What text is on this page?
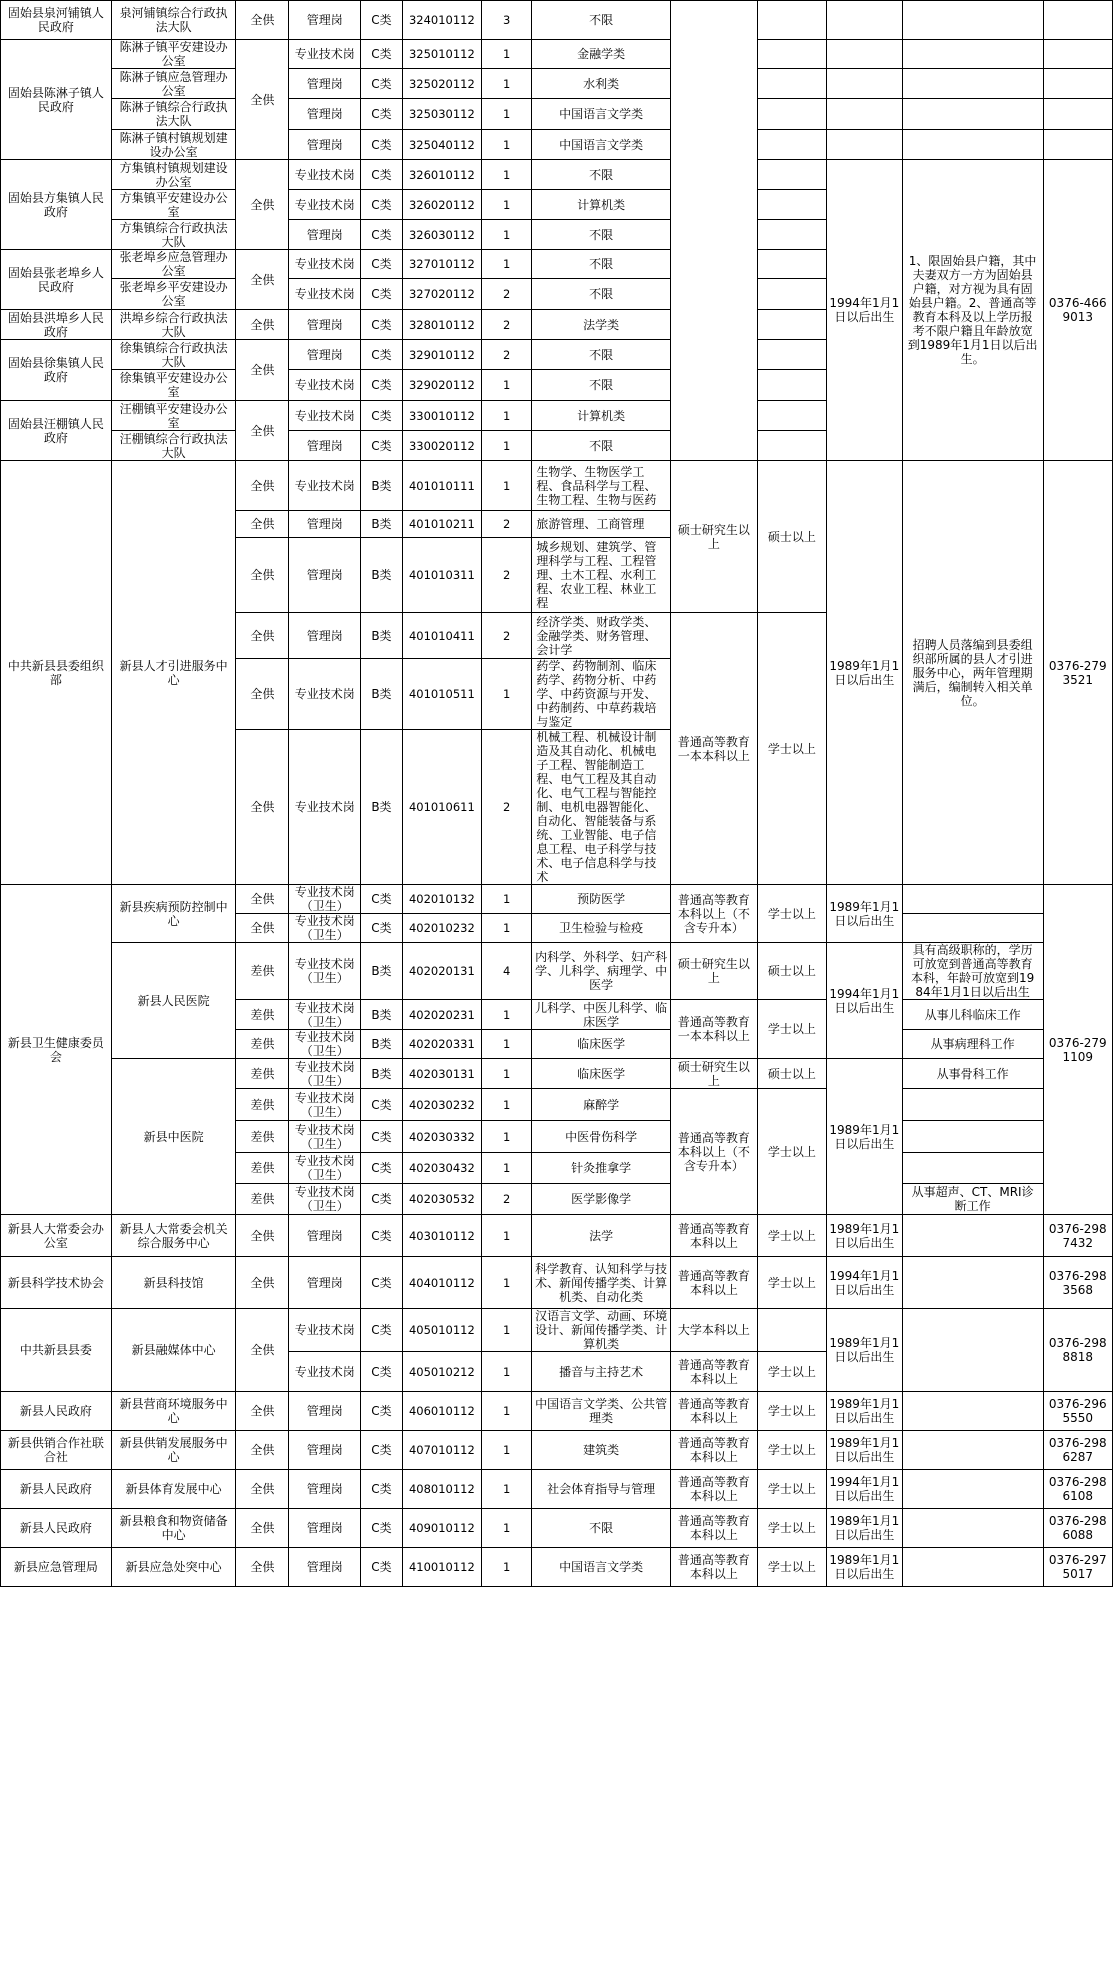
固始县泉河铺镇人民政府	泉河铺镇综合行政执法大队	全供	管理岗	C类	324010112	3	不限					
固始县陈淋子镇人民政府	陈淋子镇平安建设办公室	全供	专业技术岗	C类	325010112	1	金融学类					
	陈淋子镇应急管理办公室		管理岗	C类	325020112	1	水利类					
	陈淋子镇综合行政执法大队		管理岗	C类	325030112	1	中国语言文学类					
	陈淋子镇村镇规划建设办公室		管理岗	C类	325040112	1	中国语言文学类					
固始县方集镇人民政府	方集镇村镇规划建设办公室	全供	专业技术岗	C类	326010112	1	不限			1994年1月1日以后出生	1、限固始县户籍，其中夫妻双方一方为固始县户籍，对方视为具有固始县户籍。2、普通高等教育本科及以上学历报考不限户籍且年龄放宽到1989年1月1日以后出生。	0376-4669013
	方集镇平安建设办公室		专业技术岗	C类	326020112	1	计算机类					
	方集镇综合行政执法大队		管理岗	C类	326030112	1	不限					
固始县张老埠乡人民政府	张老埠乡应急管理办公室	全供	专业技术岗	C类	327010112	1	不限					
	张老埠乡平安建设办公室		专业技术岗	C类	327020112	2	不限					
固始县洪埠乡人民政府	洪埠乡综合行政执法大队	全供	管理岗	C类	328010112	2	法学类					
固始县徐集镇人民政府	徐集镇综合行政执法大队	全供	管理岗	C类	329010112	2	不限					
	徐集镇平安建设办公室		专业技术岗	C类	329020112	1	不限					
固始县汪棚镇人民政府	汪棚镇平安建设办公室	全供	专业技术岗	C类	330010112	1	计算机类					
	汪棚镇综合行政执法大队		管理岗	C类	330020112	1	不限					
中共新县县委组织部	新县人才引进服务中心	全供	专业技术岗	B类	401010111	1	生物学、生物医学工程、食品科学与工程、生物工程、生物与医药	硕士研究生以上	硕士以上	1989年1月1日以后出生	招聘人员落编到县委组织部所属的县人才引进服务中心，两年管理期满后，编制转入相关单位。	0376-2793521
		全供	管理岗	B类	401010211	2	旅游管理、工商管理					
		全供	管理岗	B类	401010311	2	城乡规划、建筑学、管理科学与工程、工程管理、土木工程、水利工程、农业工程、林业工程					
		全供	管理岗	B类	401010411	2	经济学类、财政学类、金融学类、财务管理、会计学	普通高等教育一本本科以上	学士以上			
		全供	专业技术岗	B类	401010511	1	药学、药物制剂、临床药学、药物分析、中药学、中药资源与开发、中药制药、中草药栽培与鉴定					
		全供	专业技术岗	B类	401010611	2	机械工程、机械设计制造及其自动化、机械电子工程、智能制造工程、电气工程及其自动化、电气工程与智能控制、电机电器智能化、自动化、智能装备与系统、工业智能、电子信息工程、电子科学与技术、电子信息科学与技术					
新县卫生健康委员会	新县疾病预防控制中心	全供	专业技术岗（卫生）	C类	402010132	1	预防医学	普通高等教育本科以上（不含专升本）	学士以上	1989年1月1日以后出生		0376-2791109
		全供	专业技术岗（卫生）	C类	402010232	1	卫生检验与检疫					
	新县人民医院	差供	专业技术岗（卫生）	B类	402020131	4	内科学、外科学、妇产科学、儿科学、病理学、中医学	硕士研究生以上	硕士以上	1994年1月1日以后出生	具有高级职称的，学历可放宽到普通高等教育本科，年龄可放宽到1984年1月1日以后出生	
		差供	专业技术岗（卫生）	B类	402020231	1	儿科学、中医儿科学、临床医学	普通高等教育一本本科以上	学士以上		从事儿科临床工作	
		差供	专业技术岗（卫生）	B类	402020331	1	临床医学				从事病理科工作	
	新县中医院	差供	专业技术岗（卫生）	B类	402030131	1	临床医学	硕士研究生以上	硕士以上	1989年1月1日以后出生	从事骨科工作	
		差供	专业技术岗（卫生）	C类	402030232	1	麻醉学	普通高等教育本科以上（不含专升本）	学士以上			
		差供	专业技术岗（卫生）	C类	402030332	1	中医骨伤科学					
		差供	专业技术岗（卫生）	C类	402030432	1	针灸推拿学					
		差供	专业技术岗（卫生）	C类	402030532	2	医学影像学				从事超声、CT、MRI诊断工作	
新县人大常委会办公室	新县人大常委会机关综合服务中心	全供	管理岗	C类	403010112	1	法学	普通高等教育本科以上	学士以上	1989年1月1日以后出生		0376-2987432
新县科学技术协会	新县科技馆	全供	管理岗	C类	404010112	1	科学教育、认知科学与技术、新闻传播学类、计算机类、自动化类	普通高等教育本科以上	学士以上	1994年1月1日以后出生		0376-2983568
中共新县县委	新县融媒体中心	全供	专业技术岗	C类	405010112	1	汉语言文学、动画、环境设计、新闻传播学类、计算机类	大学本科以上		1989年1月1日以后出生		0376-2988818
			专业技术岗	C类	405010212	1	播音与主持艺术	普通高等教育本科以上	学士以上			
新县人民政府	新县营商环境服务中心	全供	管理岗	C类	406010112	1	中国语言文学类、公共管理类	普通高等教育本科以上	学士以上	1989年1月1日以后出生		0376-2965550
新县供销合作社联合社	新县供销发展服务中心	全供	管理岗	C类	407010112	1	建筑类	普通高等教育本科以上	学士以上	1989年1月1日以后出生		0376-2986287
新县人民政府	新县体育发展中心	全供	管理岗	C类	408010112	1	社会体育指导与管理	普通高等教育本科以上	学士以上	1994年1月1日以后出生		0376-2986108
新县人民政府	新县粮食和物资储备中心	全供	管理岗	C类	409010112	1	不限	普通高等教育本科以上	学士以上	1989年1月1日以后出生		0376-2986088
新县应急管理局	新县应急处突中心	全供	管理岗	C类	410010112	1	中国语言文学类	普通高等教育本科以上	学士以上	1989年1月1日以后出生		0376-2975017
